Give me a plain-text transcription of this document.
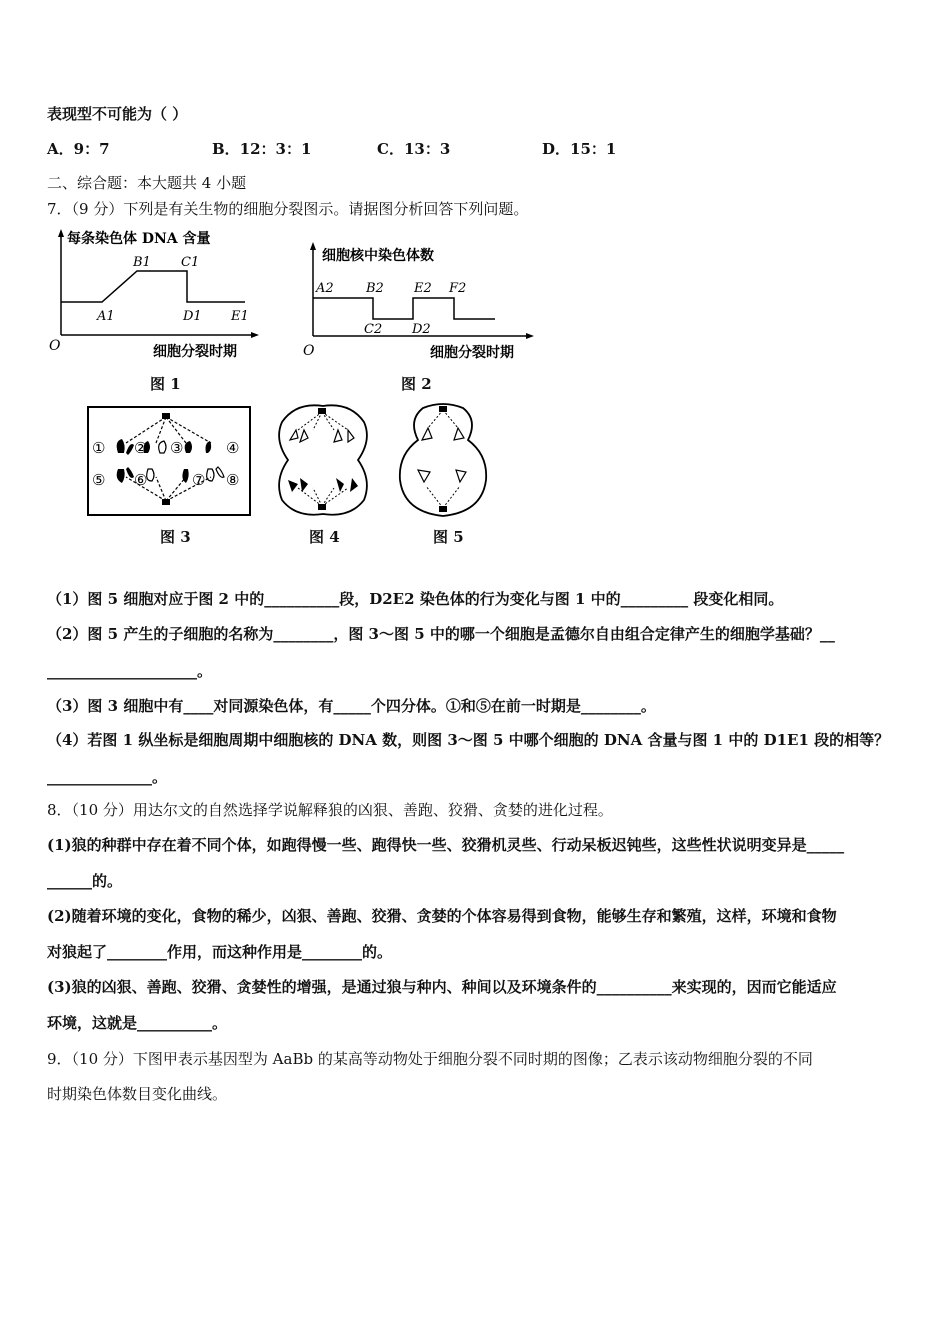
表现型不可能为（ ）
A．9：7	B．12：3：1	C．13：3	D．15：1
二、综合题：本大题共 4 小题
7．（9 分）下列是有关生物的细胞分裂图示。请据图分析回答下列问题。
每条染色体 DNA 含量
O	细胞分裂时期
A1
B1 C1
D1 E1
图 1
细胞核中染色体数
O	细胞分裂时期
A2 B2
C2 D2
E2 F2
图 2
① ② ③	④
⑤ ⑥	⑦ ⑧
图 3	图 4	图 5
（1）图 5 细胞对应于图 2 中的__________段，D2E2 染色体的行为变化与图 1 中的_________ 段变化相同。
（2）图 5 产生的子细胞的名称为________，图 3～图 5 中的哪一个细胞是孟德尔自由组合定律产生的细胞学基础？__
____________________。
（3）图 3 细胞中有____对同源染色体，有_____个四分体。①和⑤在前一时期是________。
（4）若图 1 纵坐标是细胞周期中细胞核的 DNA 数，则图 3～图 5 中哪个细胞的 DNA 含量与图 1 中的 D1E1 段的相等？
______________。
8．（10 分）用达尔文的自然选择学说解释狼的凶狠、善跑、狡猾、贪婪的进化过程。
(1)狼的种群中存在着不同个体，如跑得慢一些、跑得快一些、狡猾机灵些、行动呆板迟钝些，这些性状说明变异是_____
______的。
(2)随着环境的变化，食物的稀少，凶狠、善跑、狡猾、贪婪的个体容易得到食物，能够生存和繁殖，这样，环境和食物
对狼起了________作用，而这种作用是________的。
(3)狼的凶狠、善跑、狡猾、贪婪性的增强，是通过狼与种内、种间以及环境条件的__________来实现的，因而它能适应
环境，这就是__________。
9．（10 分）下图甲表示基因型为 AaBb 的某高等动物处于细胞分裂不同时期的图像；乙表示该动物细胞分裂的不同
时期染色体数目变化曲线。
